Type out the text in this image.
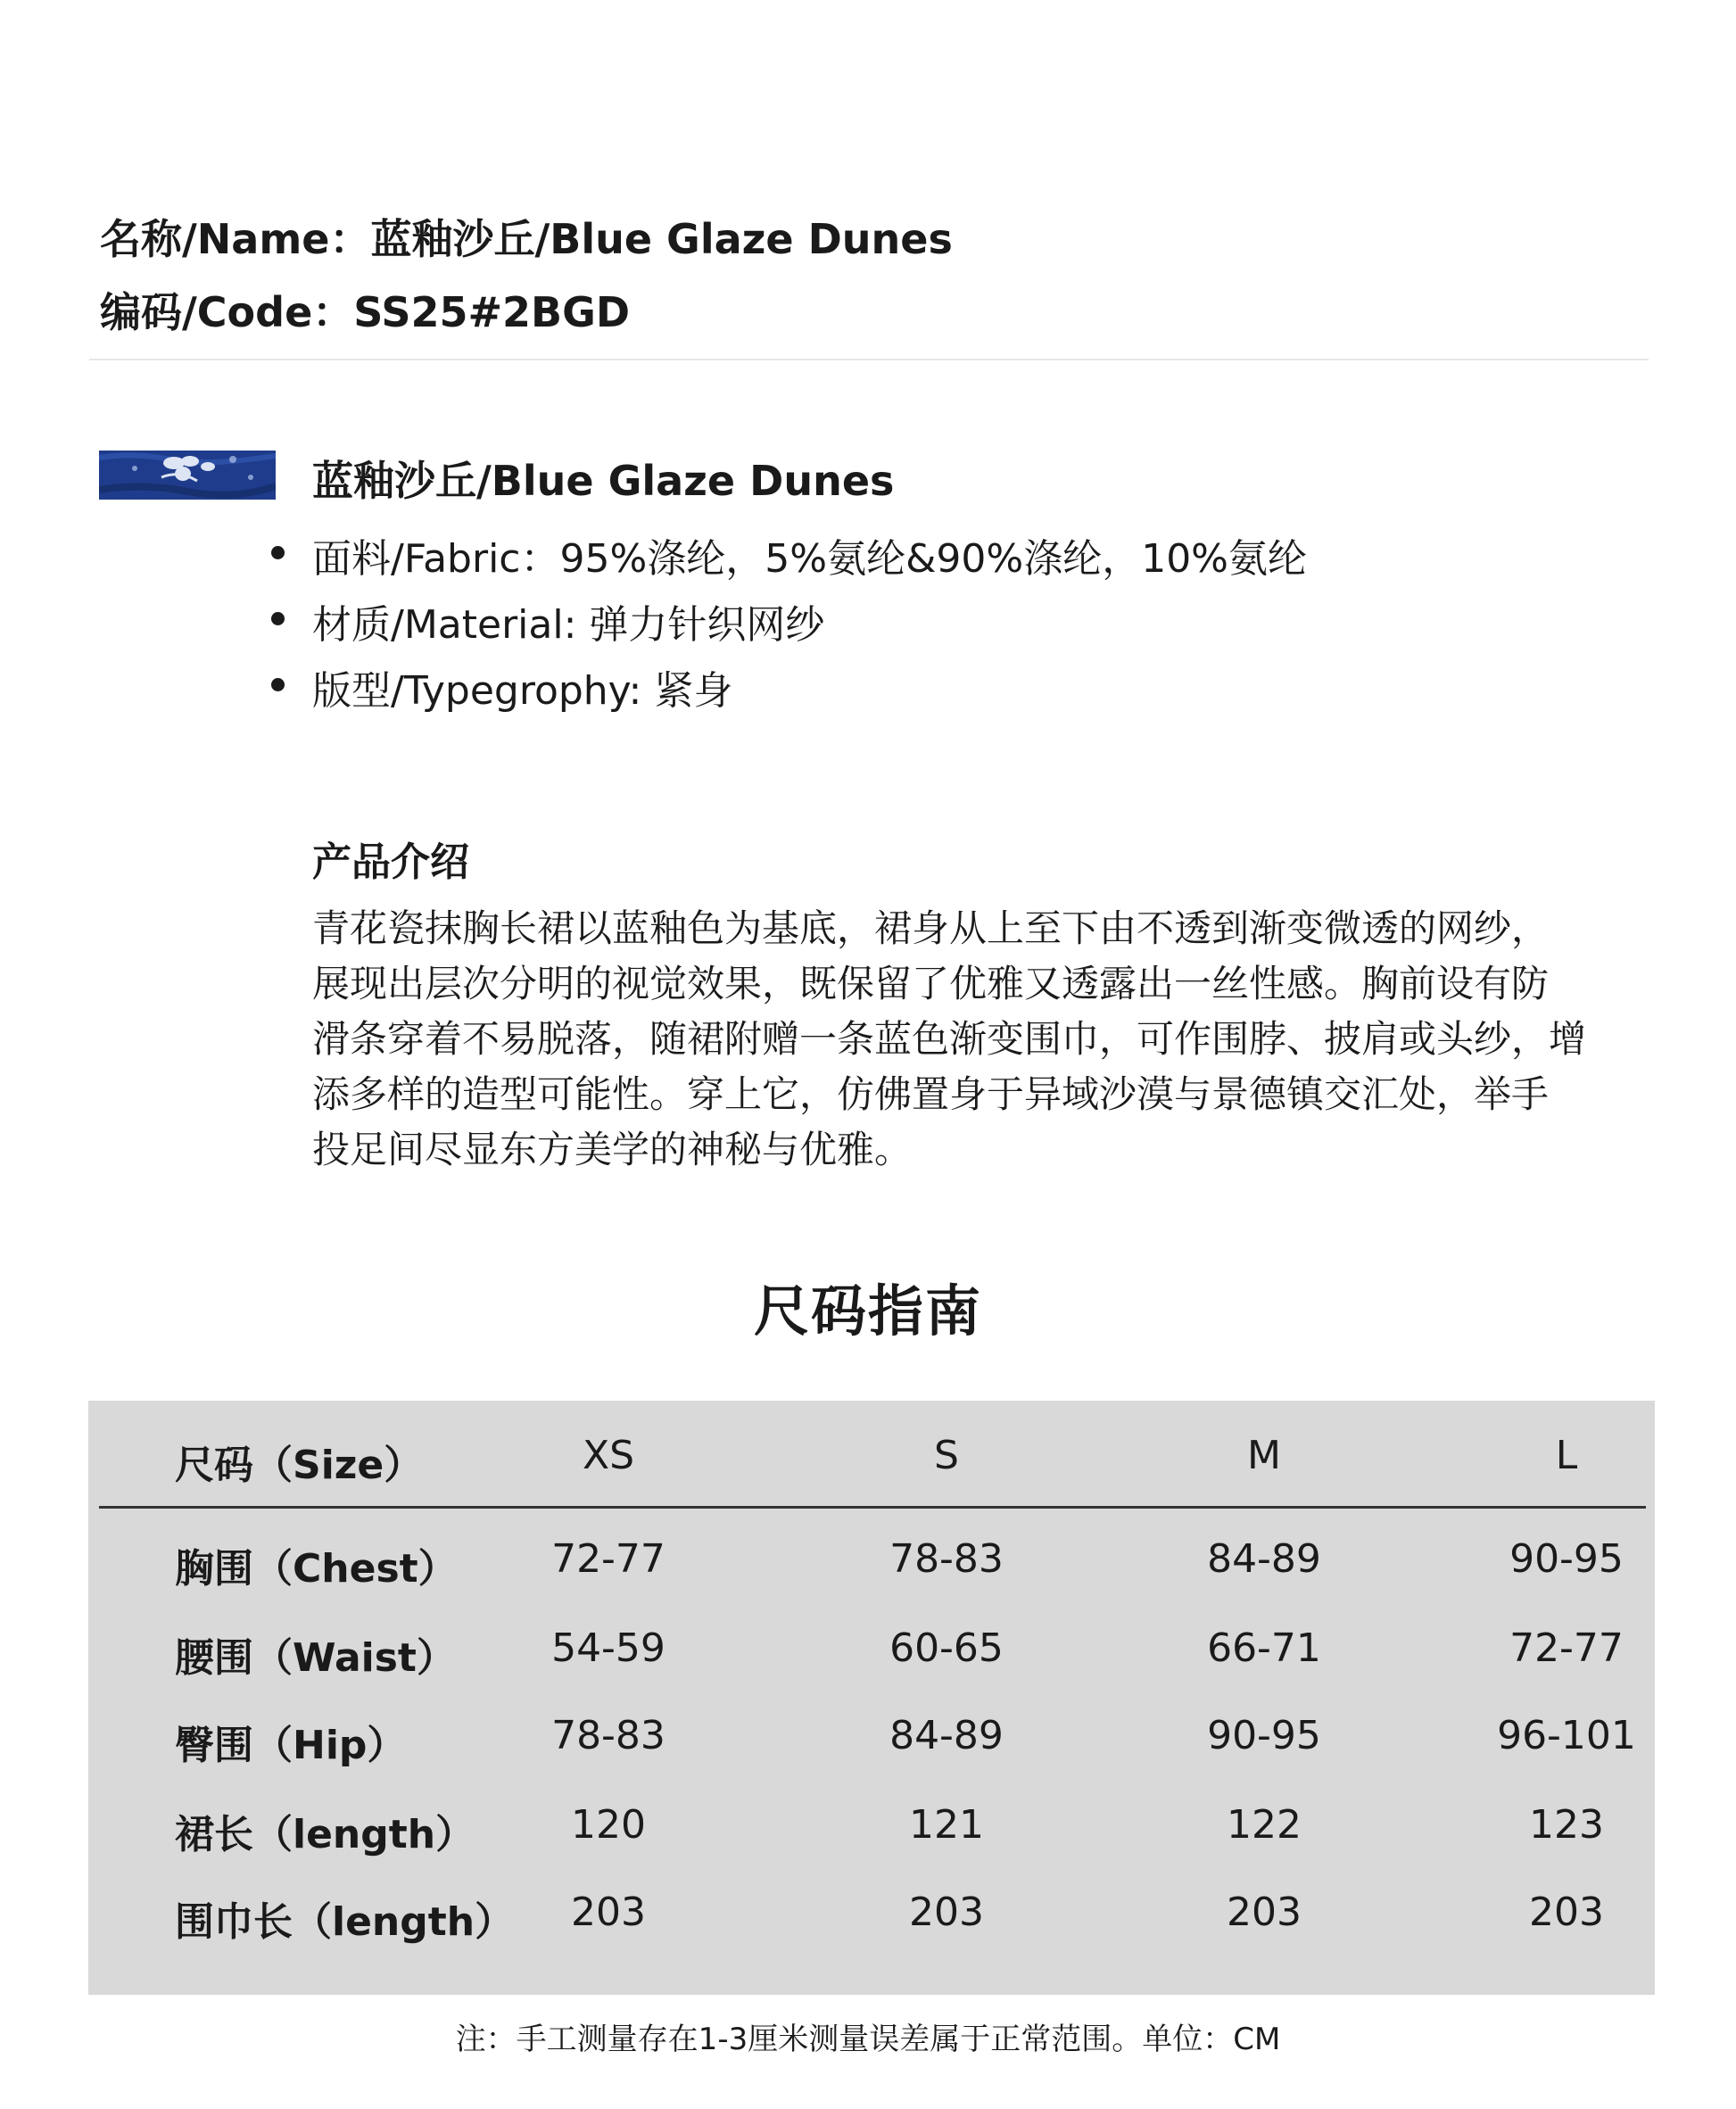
名称/Name：蓝釉沙丘/Blue Glaze Dunes
编码/Code：SS25#2BGD
蓝釉沙丘/Blue Glaze Dunes
面料/Fabric：95%涤纶，5%氨纶&90%涤纶，10%氨纶
材质/Material: 弹力针织网纱
版型/Typegrophy: 紧身
产品介绍
青花瓷抹胸长裙以蓝釉色为基底，裙身从上至下由不透到渐变微透的网纱，
展现出层次分明的视觉效果，既保留了优雅又透露出一丝性感。胸前设有防
滑条穿着不易脱落，随裙附赠一条蓝色渐变围巾，可作围脖、披肩或头纱，增
添多样的造型可能性。穿上它，仿佛置身于异域沙漠与景德镇交汇处，举手
投足间尽显东方美学的神秘与优雅。
尺码指南
尺码（Size）	XS	S	M	L
胸围（Chest） 72-77	78-83	84-89	90-95
腰围（Waist） 54-59	60-65	66-71	72-77
臀围（Hip）	78-83	84-89	90-95	96-101
裙长（length） 120	121	122	123
围巾长（length） 203	203	203	203
注：手工测量存在1-3厘米测量误差属于正常范围。单位：CM
